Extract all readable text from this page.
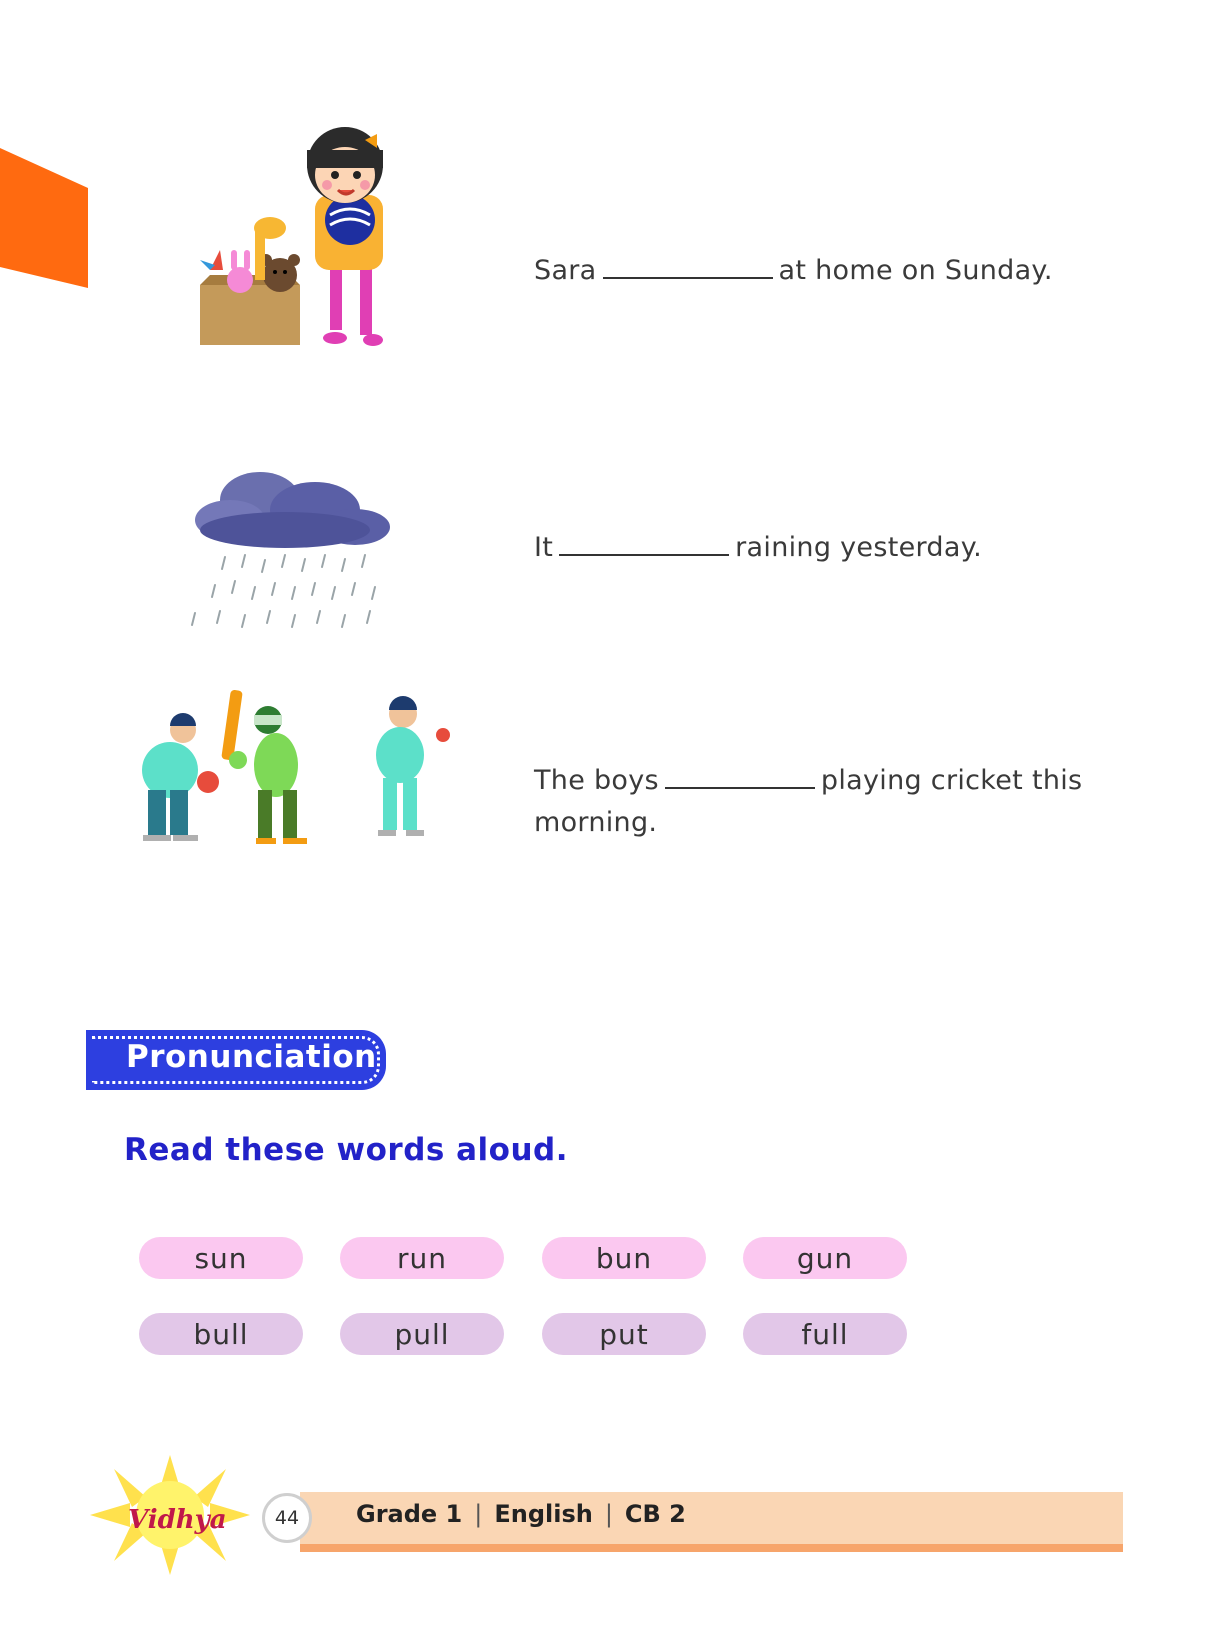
Sara	at home on Sunday.
It	raining yesterday.
The boys	playing cricket this
morning.
Pronunciation
Read these words aloud.
sun	run	bun	gun
bull	pull	put	full
Vidhya	44	Grade 1 | English | CB 2
